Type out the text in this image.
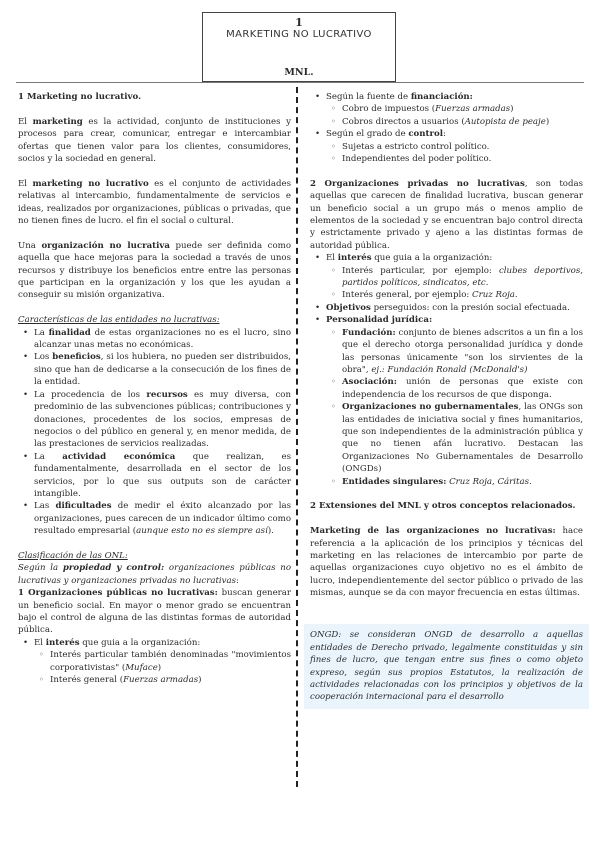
1
MARKETING NO LUCRATIVO
MNL.

1 Marketing no lucrativo.

El marketing es la actividad, conjunto de instituciones y procesos para crear, comunicar, entregar e intercambiar ofertas que tienen valor para los clientes, consumidores, socios y la sociedad en general.

El marketing no lucrativo es el conjunto de actividades relativas al intercambio, fundamentalmente de servicios e ideas, realizados por organizaciones, públicas o privadas, que no tienen fines de lucro. el fin el social o cultural.

Una organización no lucrativa puede ser definida como aquella que hace mejoras para la sociedad a través de unos recursos y distribuye los beneficios entre entre las personas que participan en la organización y los que les ayudan a conseguir su misión organizativa.

Características de las entidades no lucrativas:

• La finalidad de estas organizaciones no es el lucro, sino alcanzar unas metas no económicas.
• Los beneficios, si los hubiera, no pueden ser distribuidos, sino que han de dedicarse a la consecución de los fines de la entidad.
• La procedencia de los recursos es muy diversa, con predominio de las subvenciones públicas; contribuciones y donaciones, procedentes de los socios, empresas de negocios o del público en general y, en menor medida, de las prestaciones de servicios realizadas.
• La actividad económica que realizan, es fundamentalmente, desarrollada en el sector de los servicios, por lo que sus outputs son de carácter intangible.
• Las dificultades de medir el éxito alcanzado por las organizaciones, pues carecen de un indicador último como resultado empresarial (aunque esto no es siempre así).

Clasificación de las ONL:

Según la propiedad y control: organizaciones públicas no lucrativas y organizaciones privadas no lucrativas:

1 Organizaciones públicas no lucrativas: buscan generar un beneficio social. En mayor o menor grado se encuentran bajo el control de alguna de las distintas formas de autoridad pública.

• El interés que guia a la organización:
◦ Interés particular también denominadas "movimientos corporativistas" (Muface)
◦ Interés general (Fuerzas armadas)
• Según la fuente de financiación:
◦ Cobro de impuestos (Fuerzas armadas)
◦ Cobros directos a usuarios (Autopista de peaje)
• Según el grado de control:
◦ Sujetas a estricto control político.
◦ Independientes del poder político.

2 Organizaciones privadas no lucrativas, son todas aquellas que carecen de finalidad lucrativa, buscan generar un beneficio social a un grupo más o menos amplio de elementos de la sociedad y se encuentran bajo control directa y estrictamente privado y ajeno a las distintas formas de autoridad pública.

• El interés que guia a la organización:
◦ Interés particular, por ejemplo: clubes deportivos, partidos políticos, sindicatos, etc.
◦ Interés general, por ejemplo: Cruz Roja.
• Objetivos perseguidos: con la presión social efectuada.
• Personalidad jurídica:
◦ Fundación: conjunto de bienes adscritos a un fin a los que el derecho otorga personalidad jurídica y donde las personas únicamente "son los sirvientes de la obra", ej.: Fundación Ronald (McDonald's)
◦ Asociación: unión de personas que existe con independencia de los recursos de que disponga.
◦ Organizaciones no gubernamentales, las ONGs son las entidades de iniciativa social y fines humanitarios, que son independientes de la administración pública y que no tienen afán lucrativo. Destacan las Organizaciones No Gubernamentales de Desarrollo (ONGDs)
◦ Entidades singulares: Cruz Roja, Cáritas.

2 Extensiones del MNL y otros conceptos relacionados.

Marketing de las organizaciones no lucrativas: hace referencia a la aplicación de los principios y técnicas del marketing en las relaciones de intercambio por parte de aquellas organizaciones cuyo objetivo no es el ámbito de lucro, independientemente del sector público o privado de las mismas, aunque se da con mayor frecuencia en estas últimas.

ONGD: se consideran ONGD de desarrollo a aquellas entidades de Derecho privado, legalmente constituidas y sin fines de lucro, que tengan entre sus fines o como objeto expreso, según sus propios Estatutos, la realización de actividades relacionadas con los principios y objetivos de la cooperación internacional para el desarrollo
